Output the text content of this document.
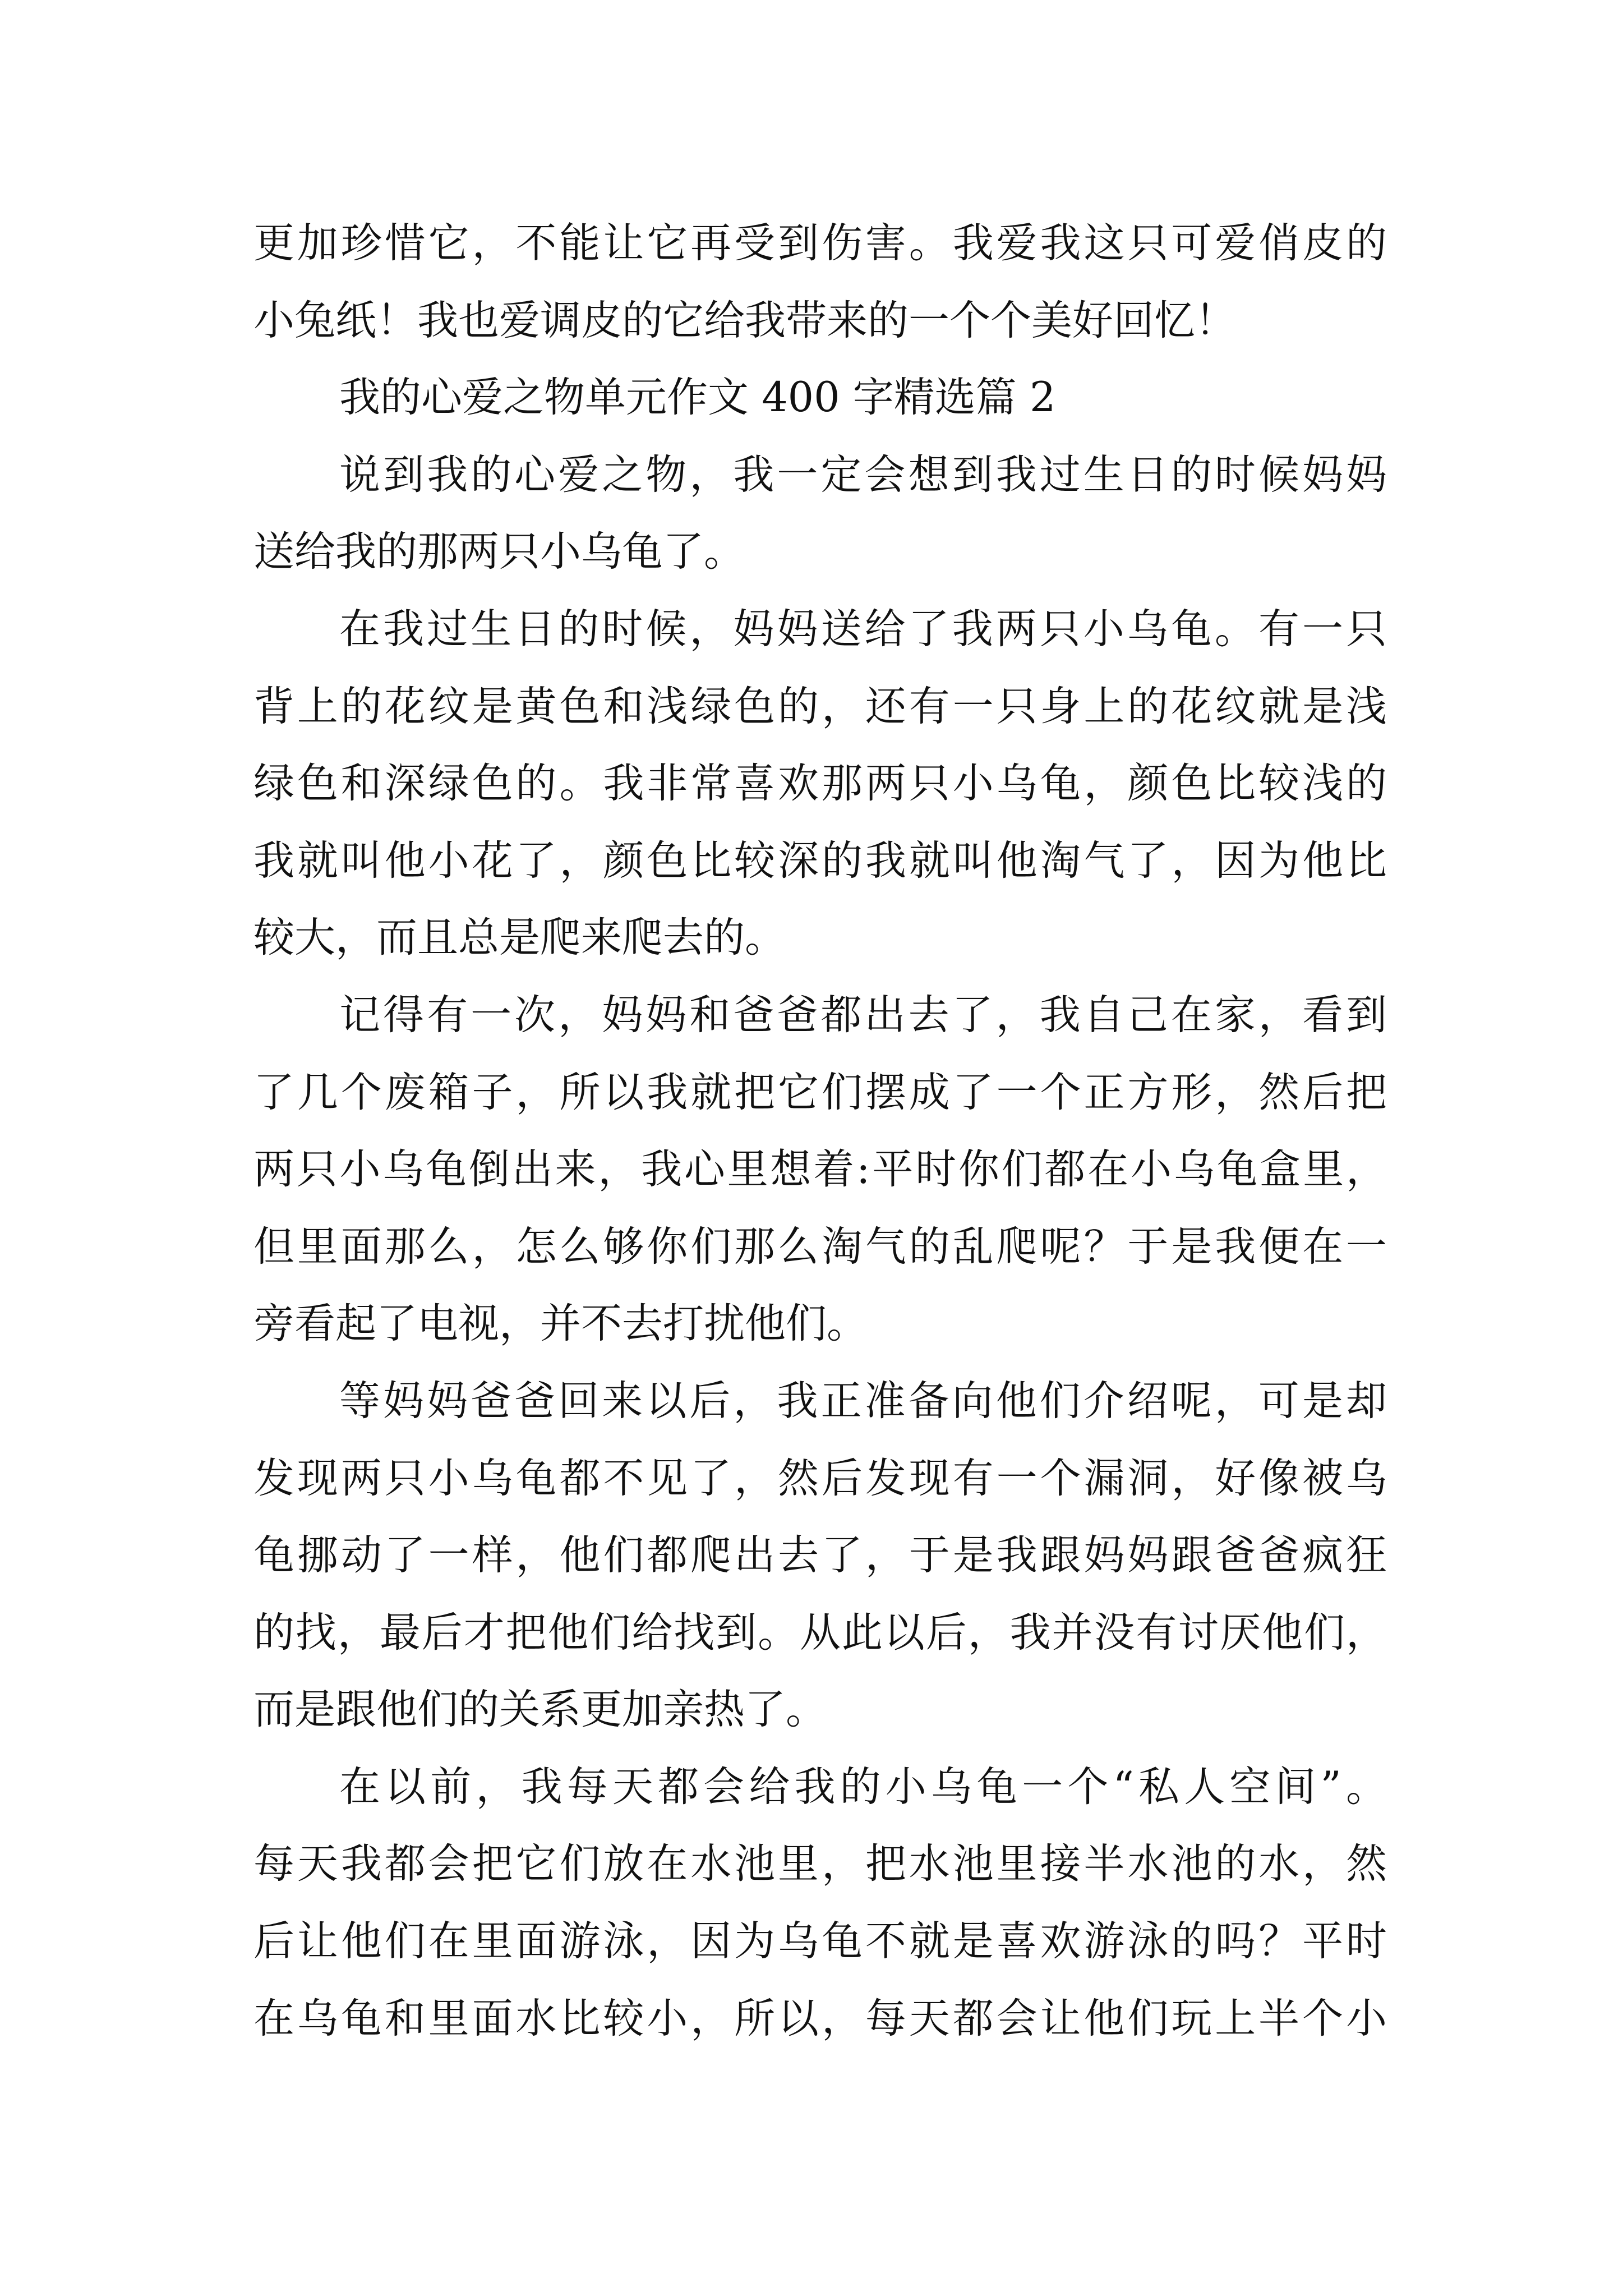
更加珍惜它，不能让它再受到伤害。我爱我这只可爱俏皮的
小兔纸！我也爱调皮的它给我带来的一个个美好回忆！
我的心爱之物单元作文 400 字精选篇 2
说到我的心爱之物，我一定会想到我过生日的时候妈妈
送给我的那两只小乌龟了。
在我过生日的时候，妈妈送给了我两只小乌龟。有一只
背上的花纹是黄色和浅绿色的，还有一只身上的花纹就是浅
绿色和深绿色的。我非常喜欢那两只小乌龟，颜色比较浅的
我就叫他小花了，颜色比较深的我就叫他淘气了，因为他比
较大，而且总是爬来爬去的。
记得有一次，妈妈和爸爸都出去了，我自己在家，看到
了几个废箱子，所以我就把它们摆成了一个正方形，然后把
两只小乌龟倒出来，我心里想着:平时你们都在小乌龟盒里，
但里面那么，怎么够你们那么淘气的乱爬呢？于是我便在一
旁看起了电视，并不去打扰他们。
等妈妈爸爸回来以后，我正准备向他们介绍呢，可是却
发现两只小乌龟都不见了，然后发现有一个漏洞，好像被乌
龟挪动了一样，他们都爬出去了，于是我跟妈妈跟爸爸疯狂
的找，最后才把他们给找到。从此以后，我并没有讨厌他们，
而是跟他们的关系更加亲热了。
在以前，我每天都会给我的小乌龟一个“私人空间”。
每天我都会把它们放在水池里，把水池里接半水池的水，然
后让他们在里面游泳，因为乌龟不就是喜欢游泳的吗？平时
在乌龟和里面水比较小，所以，每天都会让他们玩上半个小
